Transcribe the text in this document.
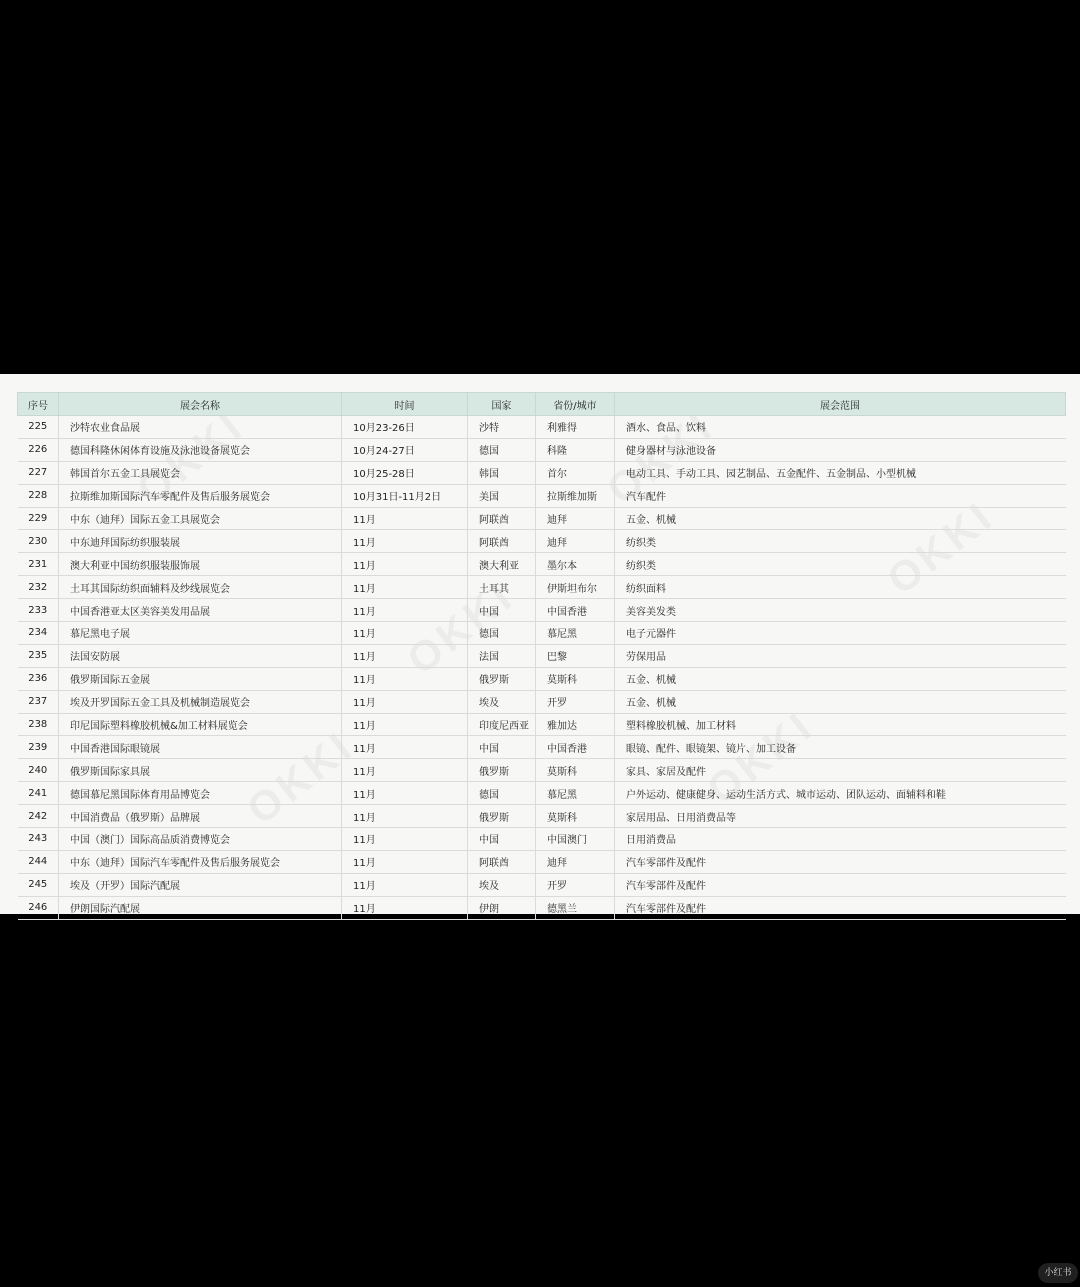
序号	展会名称	时间	国家	省份/城市	展会范围
225	沙特农业食品展	10月23-26日	沙特	利雅得	酒水、食品、饮料
226	德国科隆休闲体育设施及泳池设备展览会	10月24-27日	德国	科隆	健身器材与泳池设备
227	韩国首尔五金工具展览会	10月25-28日	韩国	首尔	电动工具、手动工具、园艺制品、五金配件、五金制品、小型机械
228	拉斯维加斯国际汽车零配件及售后服务展览会	10月31日-11月2日	美国	拉斯维加斯	汽车配件
229	中东（迪拜）国际五金工具展览会	11月	阿联酋	迪拜	五金、机械
230	中东迪拜国际纺织服装展	11月	阿联酋	迪拜	纺织类
231	澳大利亚中国纺织服装服饰展	11月	澳大利亚	墨尔本	纺织类
232	土耳其国际纺织面辅料及纱线展览会	11月	土耳其	伊斯坦布尔	纺织面料
233	中国香港亚太区美容美发用品展	11月	中国	中国香港	美容美发类
234	慕尼黑电子展	11月	德国	慕尼黑	电子元器件
235	法国安防展	11月	法国	巴黎	劳保用品
236	俄罗斯国际五金展	11月	俄罗斯	莫斯科	五金、机械
237	埃及开罗国际五金工具及机械制造展览会	11月	埃及	开罗	五金、机械
238	印尼国际塑料橡胶机械&加工材料展览会	11月	印度尼西亚	雅加达	塑料橡胶机械、加工材料
239	中国香港国际眼镜展	11月	中国	中国香港	眼镜、配件、眼镜架、镜片、加工设备
240	俄罗斯国际家具展	11月	俄罗斯	莫斯科	家具、家居及配件
241	德国慕尼黑国际体育用品博览会	11月	德国	慕尼黑	户外运动、健康健身、运动生活方式、城市运动、团队运动、面辅料和鞋
242	中国消费品（俄罗斯）品牌展	11月	俄罗斯	莫斯科	家居用品、日用消费品等
243	中国（澳门）国际高品质消费博览会	11月	中国	中国澳门	日用消费品
244	中东（迪拜）国际汽车零配件及售后服务展览会	11月	阿联酋	迪拜	汽车零部件及配件
245	埃及（开罗）国际汽配展	11月	埃及	开罗	汽车零部件及配件
246	伊朗国际汽配展	11月	伊朗	德黑兰	汽车零部件及配件
小红书
